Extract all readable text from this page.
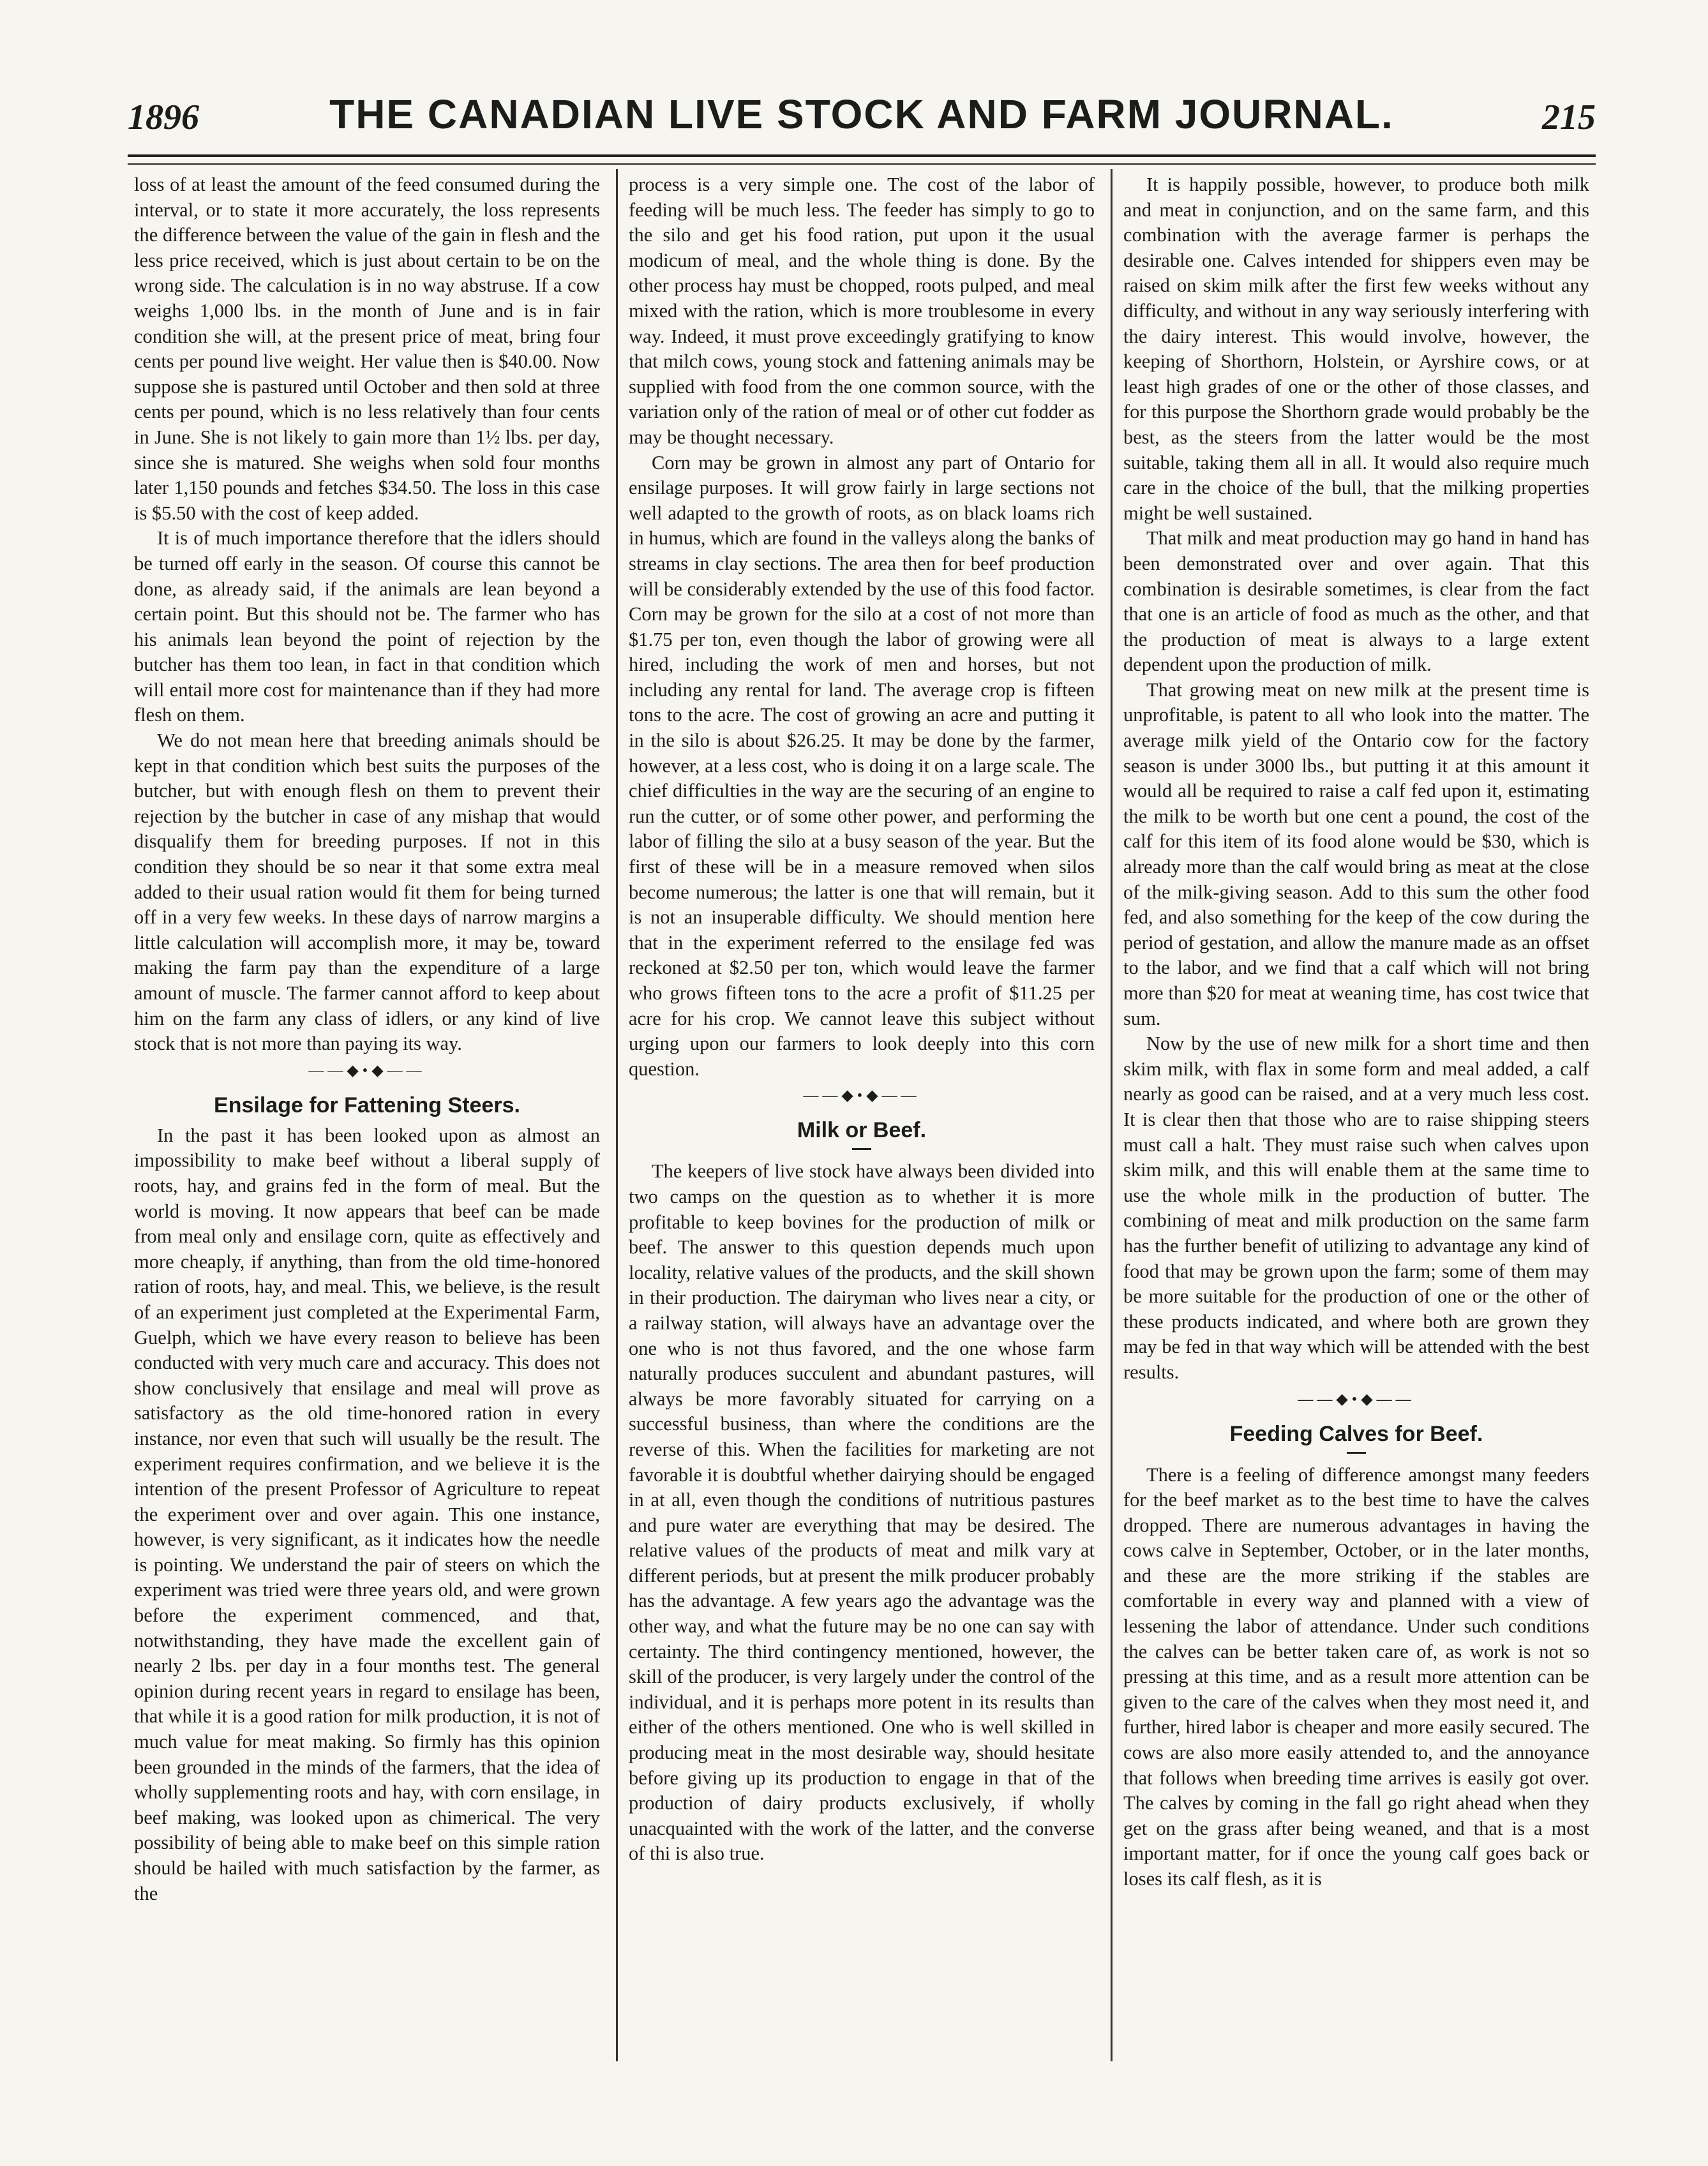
1896	THE CANADIAN LIVE STOCK AND FARM JOURNAL.	215

loss of at least the amount of the feed consumed during the interval, or to state it more accurately, the loss represents the difference between the value of the gain in flesh and the less price received, which is just about certain to be on the wrong side. The calculation is in no way abstruse. If a cow weighs 1,000 lbs. in the month of June and is in fair condition she will, at the present price of meat, bring four cents per pound live weight. Her value then is $40.00. Now suppose she is pastured until October and then sold at three cents per pound, which is no less relatively than four cents in June. She is not likely to gain more than 1½ lbs. per day, since she is matured. She weighs when sold four months later 1,150 pounds and fetches $34.50. The loss in this case is $5.50 with the cost of keep added.

It is of much importance therefore that the idlers should be turned off early in the season. Of course this cannot be done, as already said, if the animals are lean beyond a certain point. But this should not be. The farmer who has his animals lean beyond the point of rejection by the butcher has them too lean, in fact in that condition which will entail more cost for maintenance than if they had more flesh on them.

We do not mean here that breeding animals should be kept in that condition which best suits the purposes of the butcher, but with enough flesh on them to prevent their rejection by the butcher in case of any mishap that would disqualify them for breeding purposes. If not in this condition they should be so near it that some extra meal added to their usual ration would fit them for being turned off in a very few weeks. In these days of narrow margins a little calculation will accomplish more, it may be, toward making the farm pay than the expenditure of a large amount of muscle. The farmer cannot afford to keep about him on the farm any class of idlers, or any kind of live stock that is not more than paying its way.

——◆•◆——
Ensilage for Fattening Steers.

In the past it has been looked upon as almost an impossibility to make beef without a liberal supply of roots, hay, and grains fed in the form of meal. But the world is moving. It now appears that beef can be made from meal only and ensilage corn, quite as effectively and more cheaply, if anything, than from the old time-honored ration of roots, hay, and meal. This, we believe, is the result of an experiment just completed at the Experimental Farm, Guelph, which we have every reason to believe has been conducted with very much care and accuracy. This does not show conclusively that ensilage and meal will prove as satisfactory as the old time-honored ration in every instance, nor even that such will usually be the result. The experiment requires confirmation, and we believe it is the intention of the present Professor of Agriculture to repeat the experiment over and over again. This one instance, however, is very significant, as it indicates how the needle is pointing. We understand the pair of steers on which the experiment was tried were three years old, and were grown before the experiment commenced, and that, notwithstanding, they have made the excellent gain of nearly 2 lbs. per day in a four months test. The general opinion during recent years in regard to ensilage has been, that while it is a good ration for milk production, it is not of much value for meat making. So firmly has this opinion been grounded in the minds of the farmers, that the idea of wholly supplementing roots and hay, with corn ensilage, in beef making, was looked upon as chimerical. The very possibility of being able to make beef on this simple ration should be hailed with much satisfaction by the farmer, as the

process is a very simple one. The cost of the labor of feeding will be much less. The feeder has simply to go to the silo and get his food ration, put upon it the usual modicum of meal, and the whole thing is done. By the other process hay must be chopped, roots pulped, and meal mixed with the ration, which is more troublesome in every way. Indeed, it must prove exceedingly gratifying to know that milch cows, young stock and fattening animals may be supplied with food from the one common source, with the variation only of the ration of meal or of other cut fodder as may be thought necessary.

Corn may be grown in almost any part of Ontario for ensilage purposes. It will grow fairly in large sections not well adapted to the growth of roots, as on black loams rich in humus, which are found in the valleys along the banks of streams in clay sections. The area then for beef production will be considerably extended by the use of this food factor. Corn may be grown for the silo at a cost of not more than $1.75 per ton, even though the labor of growing were all hired, including the work of men and horses, but not including any rental for land. The average crop is fifteen tons to the acre. The cost of growing an acre and putting it in the silo is about $26.25. It may be done by the farmer, however, at a less cost, who is doing it on a large scale. The chief difficulties in the way are the securing of an engine to run the cutter, or of some other power, and performing the labor of filling the silo at a busy season of the year. But the first of these will be in a measure removed when silos become numerous; the latter is one that will remain, but it is not an insuperable difficulty. We should mention here that in the experiment referred to the ensilage fed was reckoned at $2.50 per ton, which would leave the farmer who grows fifteen tons to the acre a profit of $11.25 per acre for his crop. We cannot leave this subject without urging upon our farmers to look deeply into this corn question.

——◆•◆——
Milk or Beef.

The keepers of live stock have always been divided into two camps on the question as to whether it is more profitable to keep bovines for the production of milk or beef. The answer to this question depends much upon locality, relative values of the products, and the skill shown in their production. The dairyman who lives near a city, or a railway station, will always have an advantage over the one who is not thus favored, and the one whose farm naturally produces succulent and abundant pastures, will always be more favorably situated for carrying on a successful business, than where the conditions are the reverse of this. When the facilities for marketing are not favorable it is doubtful whether dairying should be engaged in at all, even though the conditions of nutritious pastures and pure water are everything that may be desired. The relative values of the products of meat and milk vary at different periods, but at present the milk producer probably has the advantage. A few years ago the advantage was the other way, and what the future may be no one can say with certainty. The third contingency mentioned, however, the skill of the producer, is very largely under the control of the individual, and it is perhaps more potent in its results than either of the others mentioned. One who is well skilled in producing meat in the most desirable way, should hesitate before giving up its production to engage in that of the production of dairy products exclusively, if wholly unacquainted with the work of the latter, and the converse of thi is also true.

It is happily possible, however, to produce both milk and meat in conjunction, and on the same farm, and this combination with the average farmer is perhaps the desirable one. Calves intended for shippers even may be raised on skim milk after the first few weeks without any difficulty, and without in any way seriously interfering with the dairy interest. This would involve, however, the keeping of Shorthorn, Holstein, or Ayrshire cows, or at least high grades of one or the other of those classes, and for this purpose the Shorthorn grade would probably be the best, as the steers from the latter would be the most suitable, taking them all in all. It would also require much care in the choice of the bull, that the milking properties might be well sustained.

That milk and meat production may go hand in hand has been demonstrated over and over again. That this combination is desirable sometimes, is clear from the fact that one is an article of food as much as the other, and that the production of meat is always to a large extent dependent upon the production of milk.

That growing meat on new milk at the present time is unprofitable, is patent to all who look into the matter. The average milk yield of the Ontario cow for the factory season is under 3000 lbs., but putting it at this amount it would all be required to raise a calf fed upon it, estimating the milk to be worth but one cent a pound, the cost of the calf for this item of its food alone would be $30, which is already more than the calf would bring as meat at the close of the milk-giving season. Add to this sum the other food fed, and also something for the keep of the cow during the period of gestation, and allow the manure made as an offset to the labor, and we find that a calf which will not bring more than $20 for meat at weaning time, has cost twice that sum.

Now by the use of new milk for a short time and then skim milk, with flax in some form and meal added, a calf nearly as good can be raised, and at a very much less cost. It is clear then that those who are to raise shipping steers must call a halt. They must raise such when calves upon skim milk, and this will enable them at the same time to use the whole milk in the production of butter. The combining of meat and milk production on the same farm has the further benefit of utilizing to advantage any kind of food that may be grown upon the farm; some of them may be more suitable for the production of one or the other of these products indicated, and where both are grown they may be fed in that way which will be attended with the best results.

——◆•◆——
Feeding Calves for Beef.

There is a feeling of difference amongst many feeders for the beef market as to the best time to have the calves dropped. There are numerous advantages in having the cows calve in September, October, or in the later months, and these are the more striking if the stables are comfortable in every way and planned with a view of lessening the labor of attendance. Under such conditions the calves can be better taken care of, as work is not so pressing at this time, and as a result more attention can be given to the care of the calves when they most need it, and further, hired labor is cheaper and more easily secured. The cows are also more easily attended to, and the annoyance that follows when breeding time arrives is easily got over. The calves by coming in the fall go right ahead when they get on the grass after being weaned, and that is a most important matter, for if once the young calf goes back or loses its calf flesh, as it is
